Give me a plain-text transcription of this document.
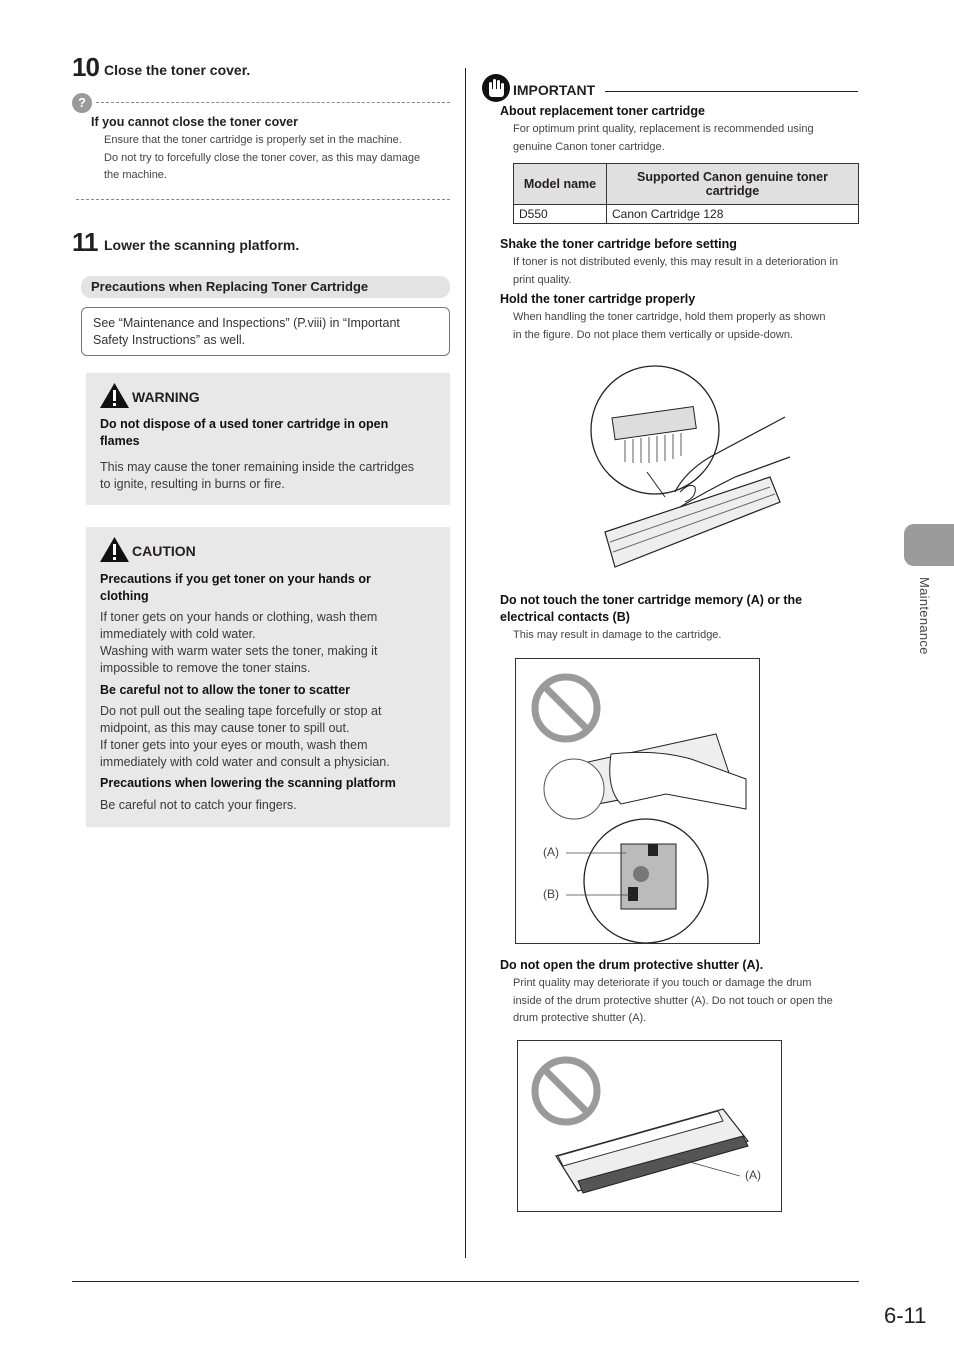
10 Close the toner cover.
?
If you cannot close the toner cover
Ensure that the toner cartridge is properly set in the machine.
Do not try to forcefully close the toner cover, as this may damage
the machine.
11 Lower the scanning platform.
Precautions when Replacing Toner Cartridge
See “Maintenance and Inspections” (P.viii) in “Important
Safety Instructions” as well.
WARNING
Do not dispose of a used toner cartridge in open
flames
This may cause the toner remaining inside the cartridges
to ignite, resulting in burns or fire.
CAUTION
Precautions if you get toner on your hands or
clothing
If toner gets on your hands or clothing, wash them
immediately with cold water.
Washing with warm water sets the toner, making it
impossible to remove the toner stains.
Be careful not to allow the toner to scatter
Do not pull out the sealing tape forcefully or stop at
midpoint, as this may cause toner to spill out.
If toner gets into your eyes or mouth, wash them
immediately with cold water and consult a physician.
Precautions when lowering the scanning platform
Be careful not to catch your fingers.
IMPORTANT
About replacement toner cartridge
For optimum print quality, replacement is recommended using
genuine Canon toner cartridge.
Model name	Supported Canon genuine toner cartridge
D550	Canon Cartridge 128
Shake the toner cartridge before setting
If toner is not distributed evenly, this may result in a deterioration in
print quality.
Hold the toner cartridge properly
When handling the toner cartridge, hold them properly as shown
in the figure. Do not place them vertically or upside-down.
Do not touch the toner cartridge memory (A) or the
electrical contacts (B)
This may result in damage to the cartridge.
(A)
(B)
Do not open the drum protective shutter (A).
Print quality may deteriorate if you touch or damage the drum
inside of the drum protective shutter (A). Do not touch or open the
drum protective shutter (A).
(A)
Maintenance
6-11
